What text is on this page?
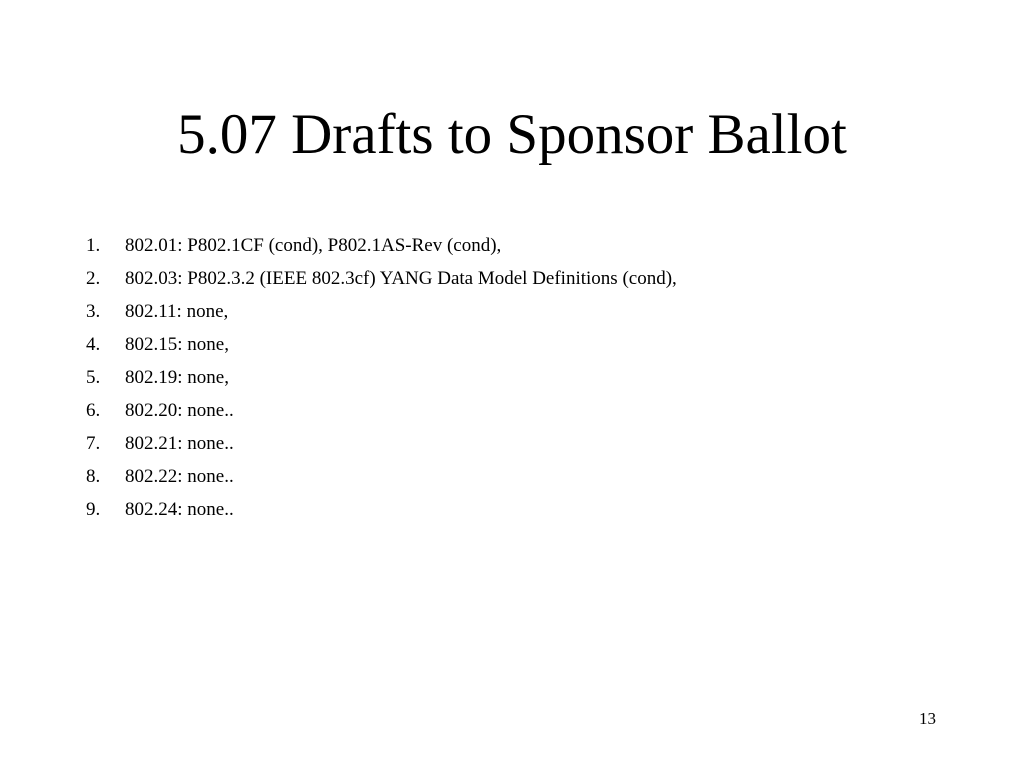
5.07 Drafts to Sponsor Ballot
1.	802.01: P802.1CF (cond), P802.1AS-Rev (cond),
2.	802.03: P802.3.2 (IEEE 802.3cf) YANG Data Model Definitions (cond),
3.	802.11: none,
4.	802.15: none,
5.	802.19: none,
6.	802.20: none..
7.	802.21: none..
8.	802.22: none..
9.	802.24: none..
13
